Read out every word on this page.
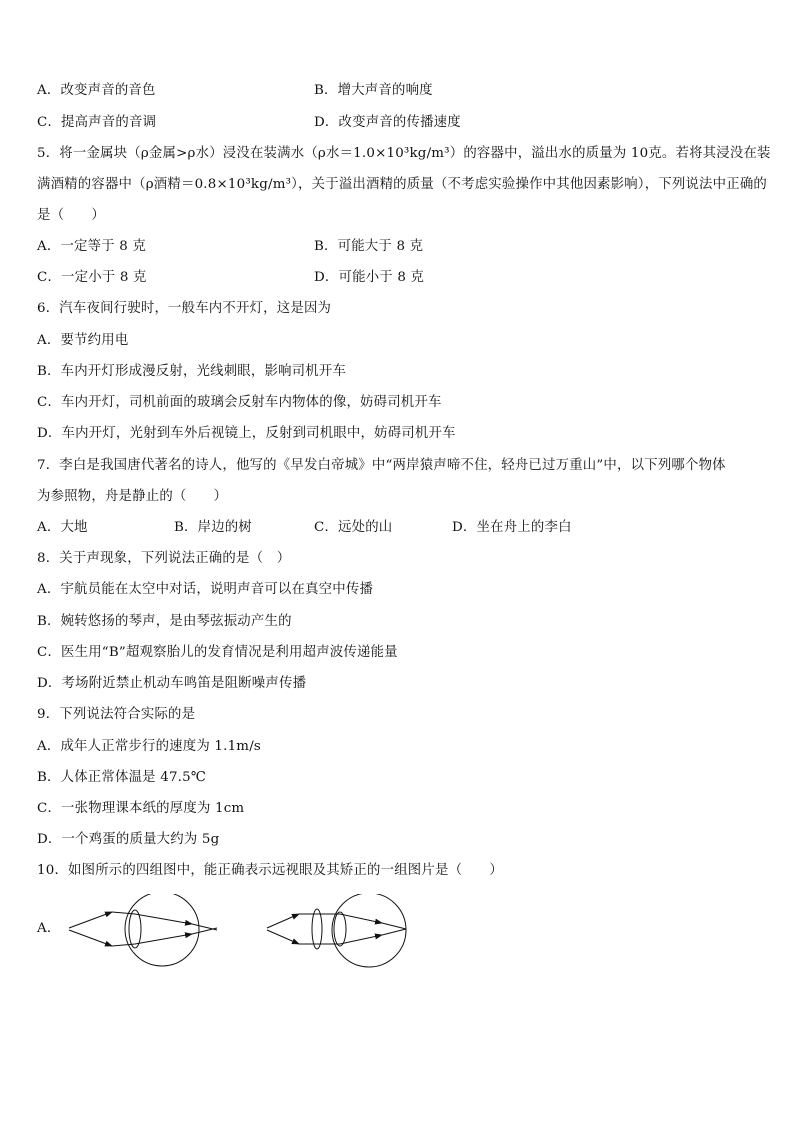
A．改变声音的音色	B．增大声音的响度
C．提高声音的音调	D．改变声音的传播速度
5．将一金属块（ρ金属>ρ水）浸没在装满水（ρ水＝1.0×10³kg/m³）的容器中，溢出水的质量为 10克。若将其浸没在装
满酒精的容器中（ρ酒精＝0.8×10³kg/m³），关于溢出酒精的质量（不考虑实验操作中其他因素影响），下列说法中正确的
是（　　）
A．一定等于 8 克	B．可能大于 8 克
C．一定小于 8 克	D．可能小于 8 克
6．汽车夜间行驶时，一般车内不开灯，这是因为
A．要节约用电
B．车内开灯形成漫反射，光线刺眼，影响司机开车
C．车内开灯，司机前面的玻璃会反射车内物体的像，妨碍司机开车
D．车内开灯，光射到车外后视镜上，反射到司机眼中，妨碍司机开车
7．李白是我国唐代著名的诗人，他写的《早发白帝城》中“两岸猿声啼不住，轻舟已过万重山”中，以下列哪个物体
为参照物，舟是静止的（　　）
A．大地	B．岸边的树	C．远处的山	D．坐在舟上的李白
8．关于声现象，下列说法正确的是（　）
A．宇航员能在太空中对话，说明声音可以在真空中传播
B．婉转悠扬的琴声，是由琴弦振动产生的
C．医生用“B”超观察胎儿的发育情况是利用超声波传递能量
D．考场附近禁止机动车鸣笛是阻断噪声传播
9．下列说法符合实际的是
A．成年人正常步行的速度为 1.1m/s
B．人体正常体温是 47.5℃
C．一张物理课本纸的厚度为 1cm
D．一个鸡蛋的质量大约为 5g
10．如图所示的四组图中，能正确表示远视眼及其矫正的一组图片是（　　）
A．
